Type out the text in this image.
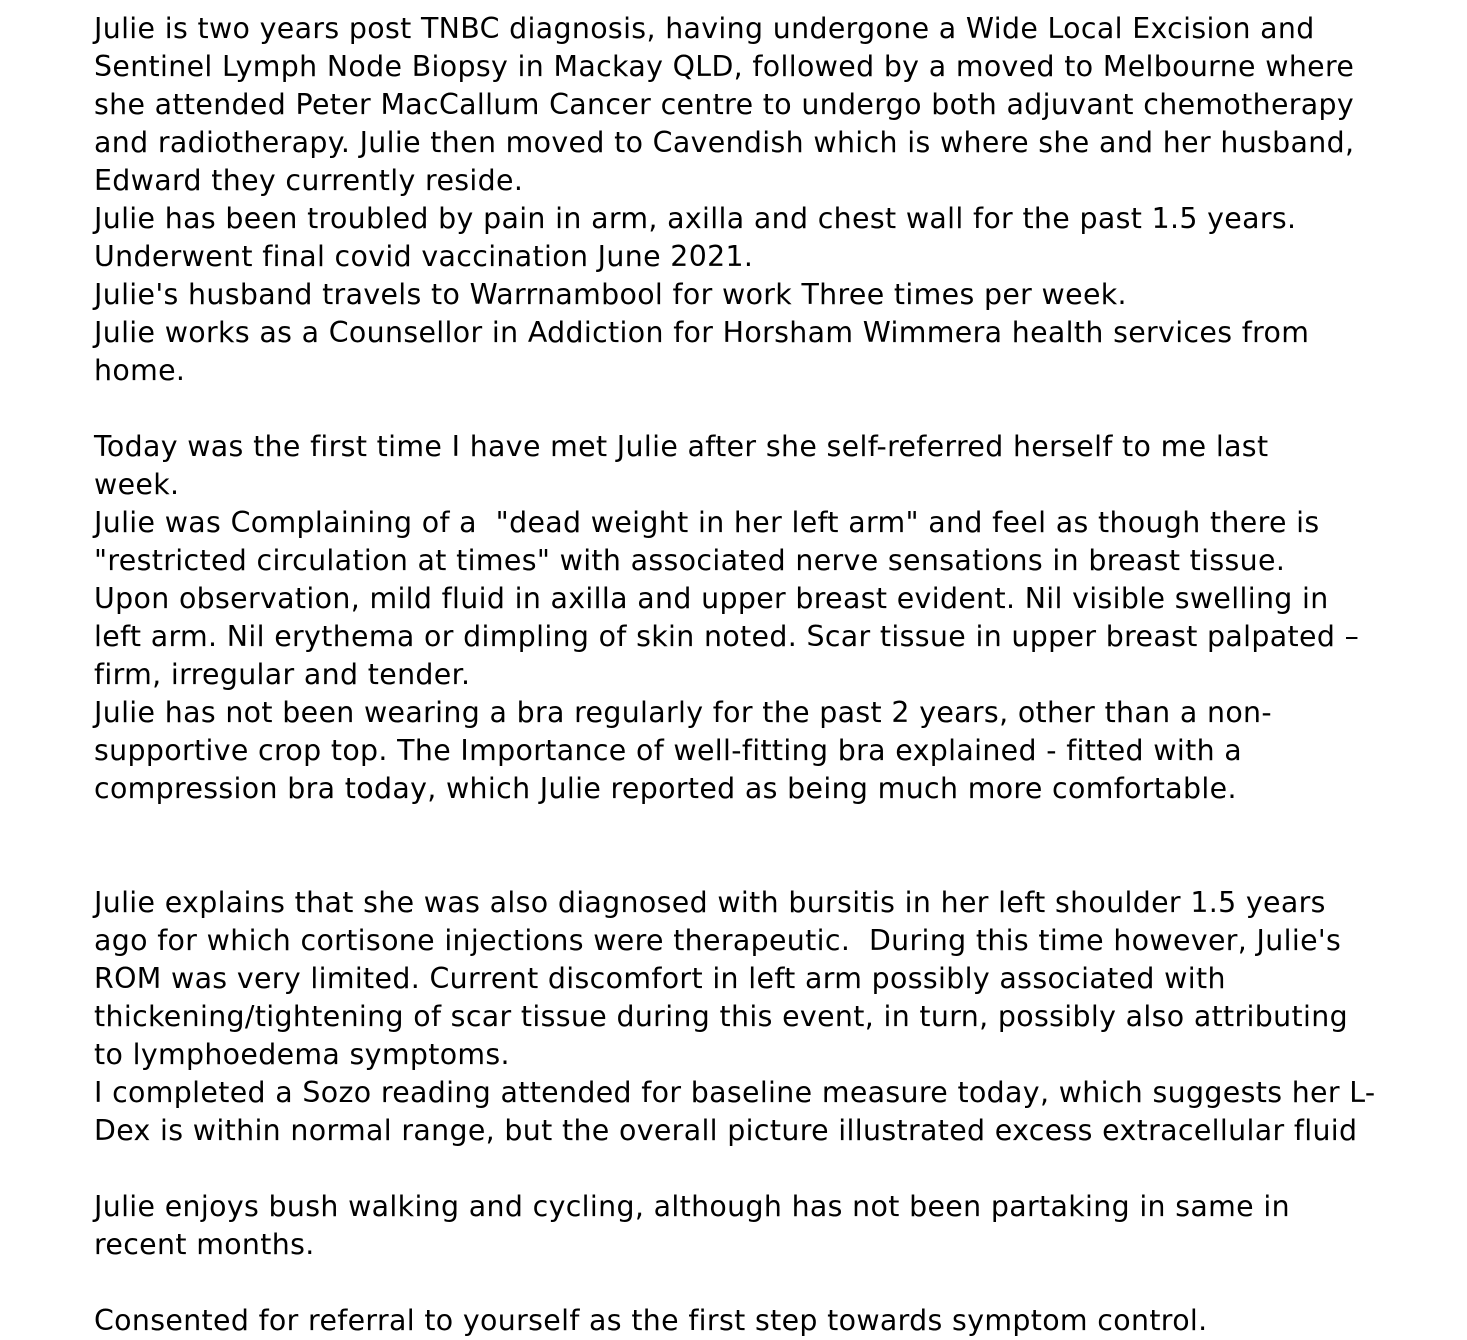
Julie is two years post TNBC diagnosis, having undergone a Wide Local Excision and
Sentinel Lymph Node Biopsy in Mackay QLD, followed by a moved to Melbourne where
she attended Peter MacCallum Cancer centre to undergo both adjuvant chemotherapy
and radiotherapy. Julie then moved to Cavendish which is where she and her husband,
Edward they currently reside.
Julie has been troubled by pain in arm, axilla and chest wall for the past 1.5 years.
Underwent final covid vaccination June 2021.
Julie's husband travels to Warrnambool for work Three times per week.
Julie works as a Counsellor in Addiction for Horsham Wimmera health services from
home.
Today was the first time I have met Julie after she self-referred herself to me last
week.
Julie was Complaining of a  "dead weight in her left arm" and feel as though there is
"restricted circulation at times" with associated nerve sensations in breast tissue.
Upon observation, mild fluid in axilla and upper breast evident. Nil visible swelling in
left arm. Nil erythema or dimpling of skin noted. Scar tissue in upper breast palpated –
firm, irregular and tender.
Julie has not been wearing a bra regularly for the past 2 years, other than a non-
supportive crop top. The Importance of well-fitting bra explained - fitted with a
compression bra today, which Julie reported as being much more comfortable.
Julie explains that she was also diagnosed with bursitis in her left shoulder 1.5 years
ago for which cortisone injections were therapeutic.  During this time however, Julie's
ROM was very limited. Current discomfort in left arm possibly associated with
thickening/tightening of scar tissue during this event, in turn, possibly also attributing
to lymphoedema symptoms.
I completed a Sozo reading attended for baseline measure today, which suggests her L-
Dex is within normal range, but the overall picture illustrated excess extracellular fluid
Julie enjoys bush walking and cycling, although has not been partaking in same in
recent months.
Consented for referral to yourself as the first step towards symptom control.
